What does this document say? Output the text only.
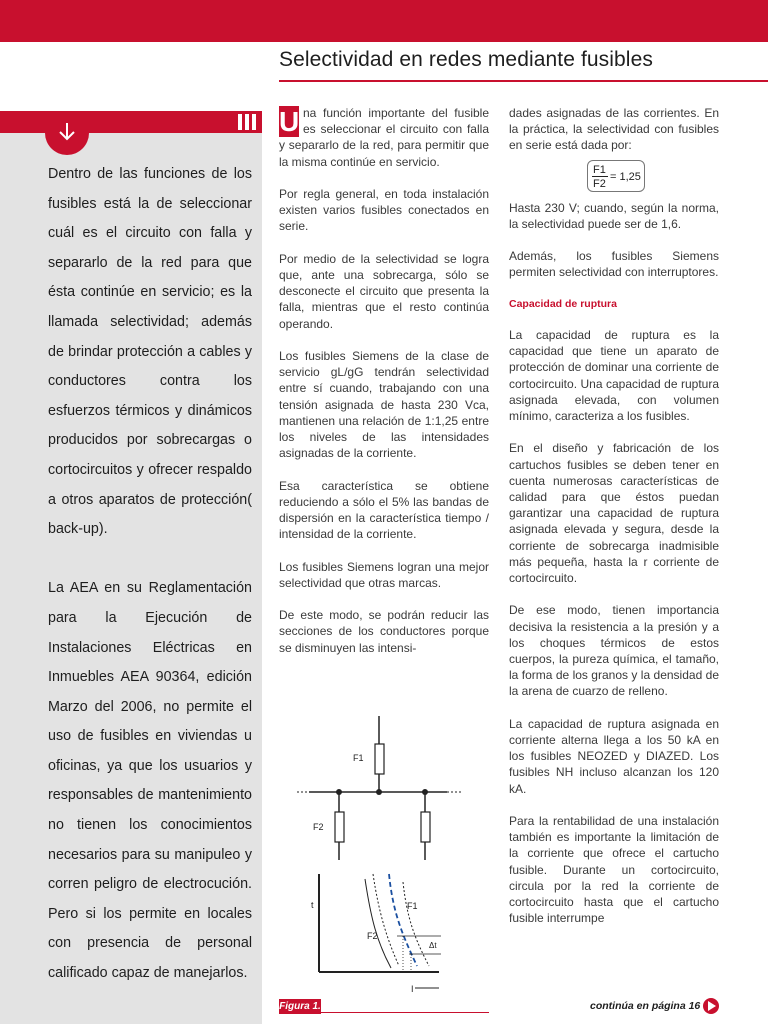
Selectividad en redes mediante fusibles

Dentro de las funciones de los fusibles está la de seleccionar cuál es el circuito con falla y separarlo de la red para que ésta continúe en servicio; es la llamada selectividad; además de brindar protección a cables y conductores contra los esfuerzos térmicos y dinámicos producidos por sobrecargas o cortocircuitos y ofrecer respaldo a otros aparatos de protección( back-up).

La AEA en su Reglamentación para la Ejecución de Instalaciones Eléctricas en Inmuebles AEA 90364, edición Marzo del 2006, no permite el uso de fusibles en viviendas u oficinas, ya que los usuarios y responsables de mantenimiento no tienen los conocimientos necesarios para su manipuleo y corren peligro de electrocución. Pero si los permite en locales con presencia de personal calificado capaz de manejarlos.

U na función importante del fusible es seleccionar el circuito con falla y separarlo de la red, para permitir que la misma continúe en servicio.

Por regla general, en toda instalación existen varios fusibles conectados en serie.

Por medio de la selectividad se logra que, ante una sobrecarga, sólo se desconecte el circuito que presenta la falla, mientras que el resto continúa operando.

Los fusibles Siemens de la clase de servicio gL/gG tendrán selectividad entre sí cuando, trabajando con una tensión asignada de hasta 230 Vca, mantienen una relación de 1:1,25 entre los niveles de las intensidades asignadas de la corriente.

Esa característica se obtiene reduciendo a sólo el 5% las bandas de dispersión en la característica tiempo / intensidad de la corriente.

Los fusibles Siemens logran una mejor selectividad que otras marcas.

De este modo, se podrán reducir las secciones de los conductores porque se disminuyen las intensi-

dades asignadas de las corrientes. En la práctica, la selectividad con fusibles en serie está dada por:

F1
F2
= 1,25

Hasta 230 V; cuando, según la norma, la selectividad puede ser de 1,6.

Además, los fusibles Siemens permiten selectividad con interruptores.

Capacidad de ruptura

La capacidad de ruptura es la capacidad que tiene un aparato de protección de dominar una corriente de cortocircuito. Una capacidad de ruptura asignada elevada, con volumen mínimo, caracteriza a los fusibles.

En el diseño y fabricación de los cartuchos fusibles se deben tener en cuenta numerosas características de calidad para que éstos puedan garantizar una capacidad de ruptura asignada elevada y segura, desde la corriente de sobrecarga inadmisible más pequeña, hasta la r corriente de cortocircuito.

De ese modo, tienen importancia decisiva la resistencia a la presión y a los choques térmicos de estos cuerpos, la pureza química, el tamaño, la forma de los granos y la densidad de la arena de cuarzo de relleno.

La capacidad de ruptura asignada en corriente alterna llega a los 50 kA en los fusibles NEOZED y DIAZED. Los fusibles NH incluso alcanzan los 120 kA.

Para la rentabilidad de una instalación también es importante la limitación de la corriente que ofrece el cartucho fusible. Durante un cortocircuito, circula por la red la corriente de cortocircuito hasta que el cartucho fusible interrumpe

F1
F2
t	F1
F2
Δt
I
Figura 1.	continúa en página 16
